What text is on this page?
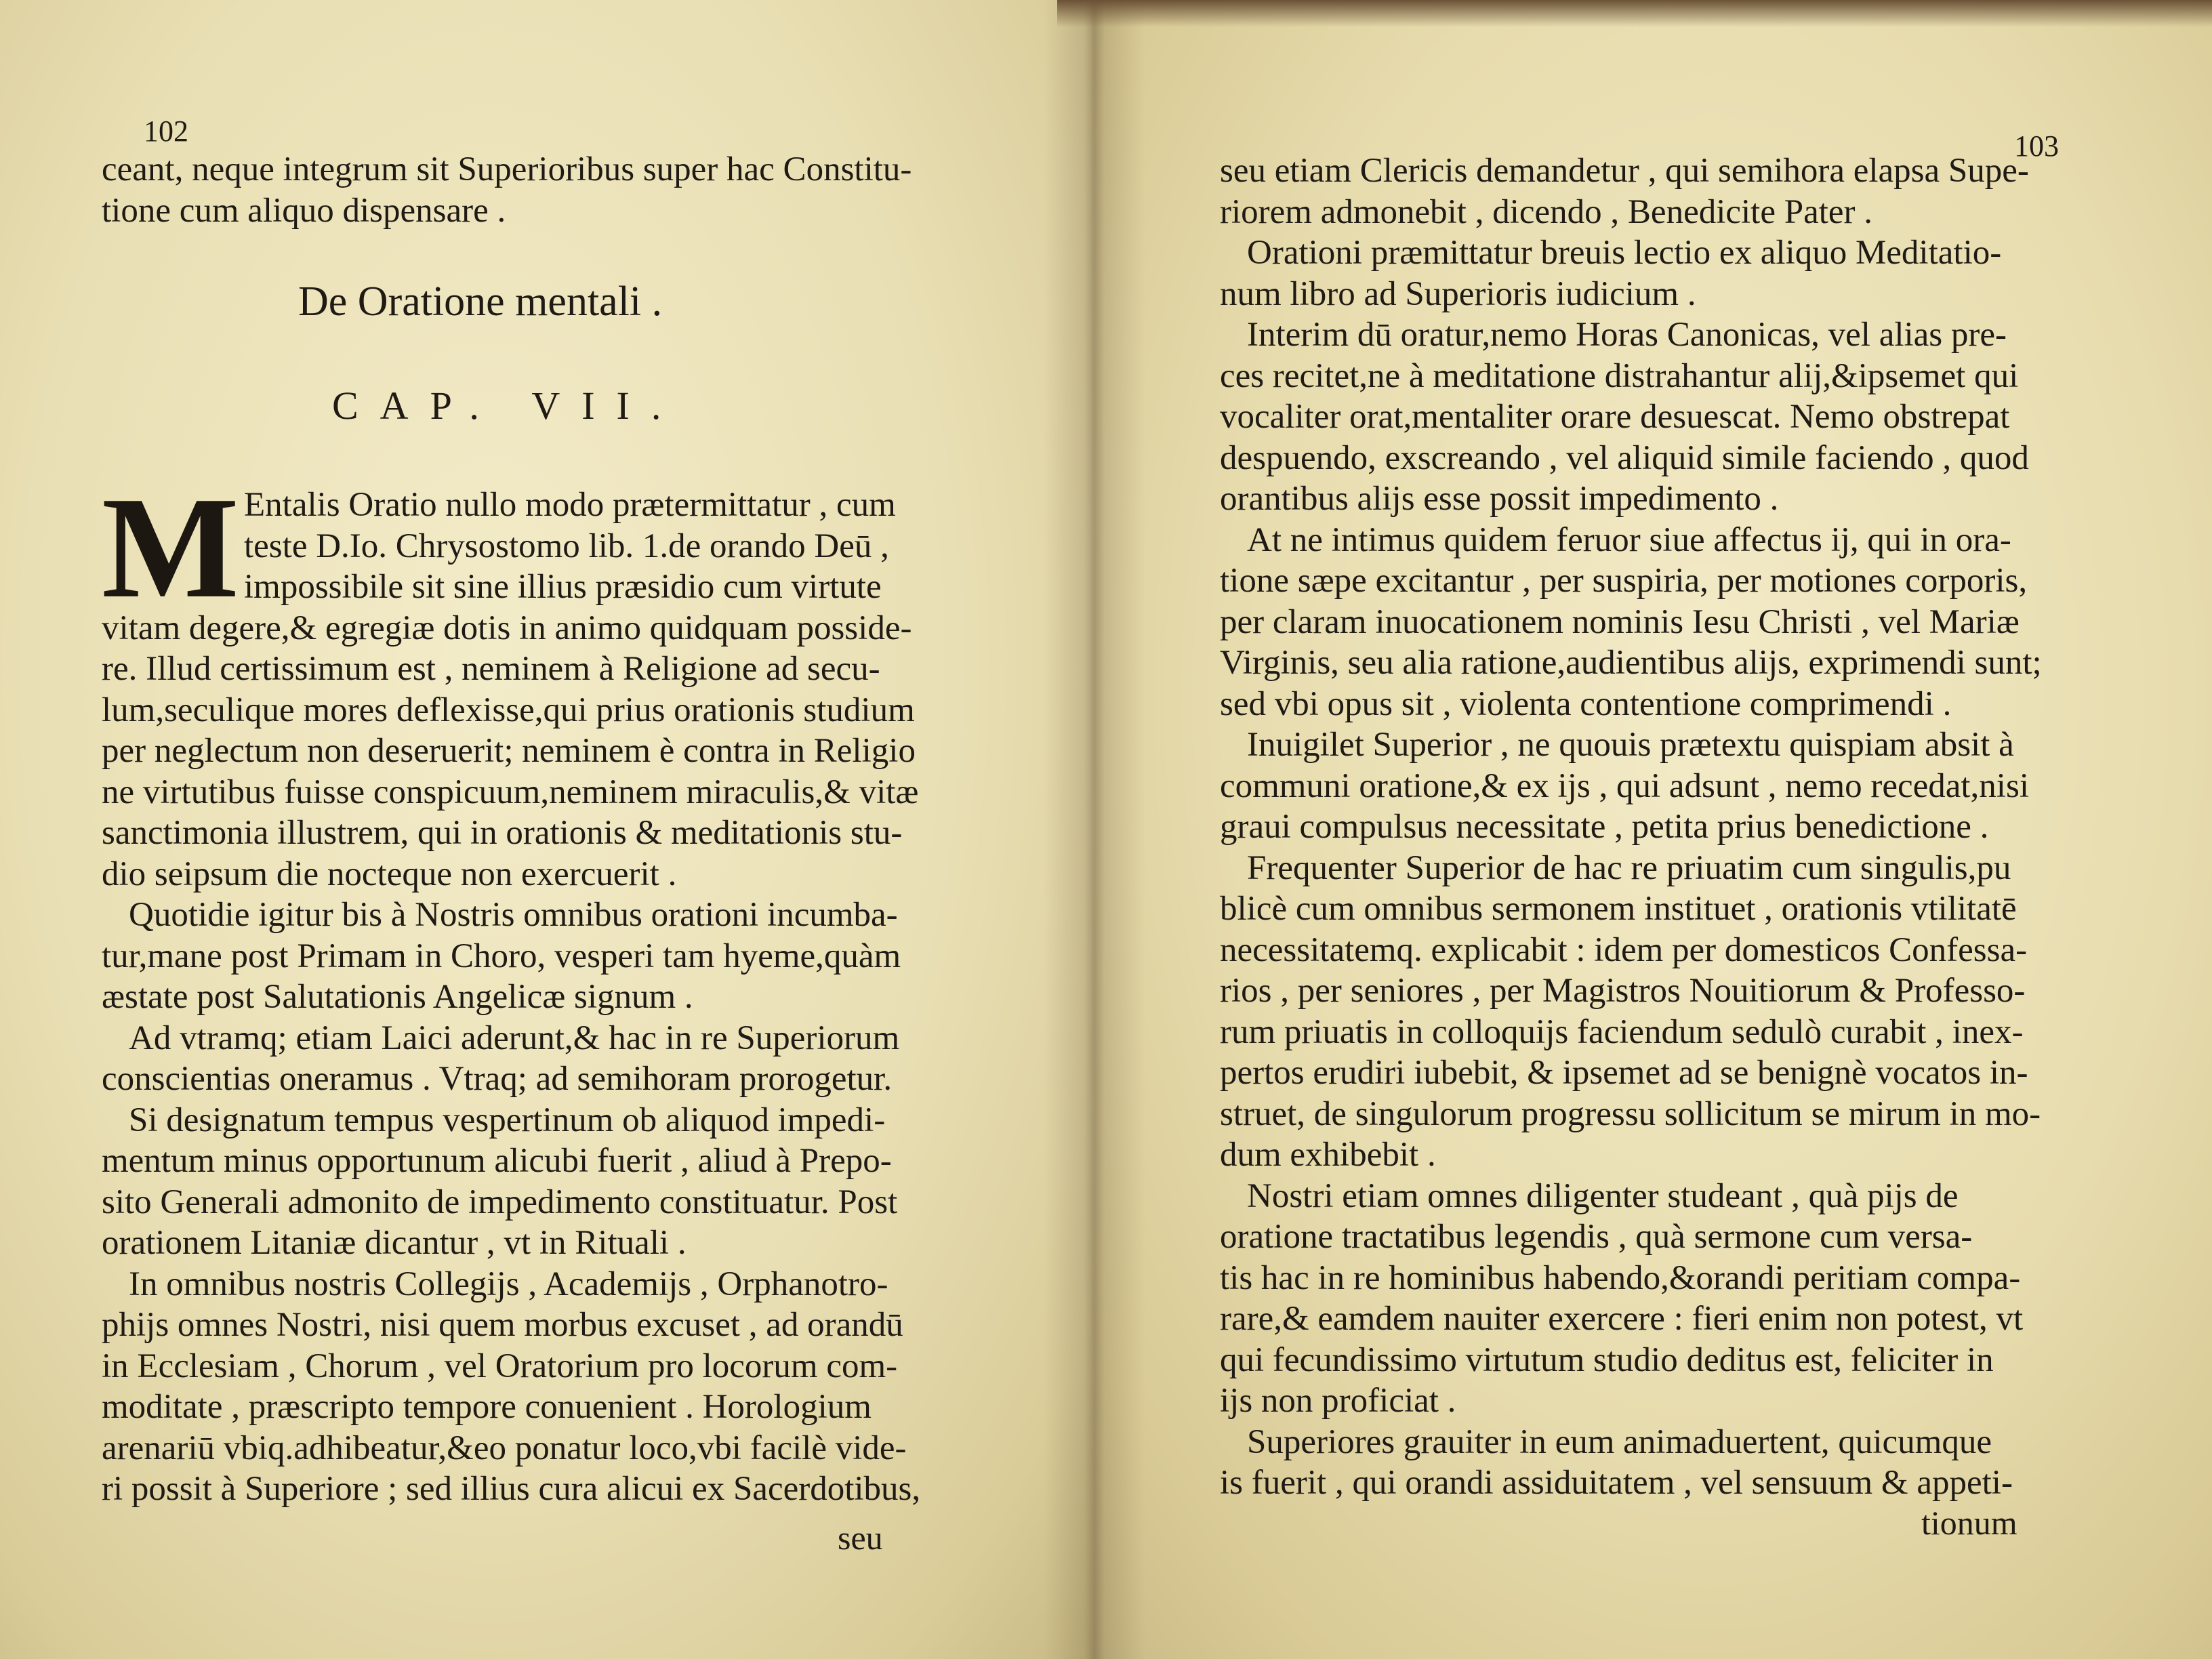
102
ceant, neque integrum sit Superioribus super hac Constitu-
tione cum aliquo dispensare .
De Oratione mentali .
CAP. VII.
M Entalis Oratio nullo modo prætermittatur , cum
teste D.Io. Chrysostomo lib. 1.de orando Deū ,
impossibile sit sine illius præsidio cum virtute
vitam degere,& egregiæ dotis in animo quidquam posside-
re. Illud certissimum est , neminem à Religione ad secu-
lum,seculique mores deflexisse,qui prius orationis studium
per neglectum non deseruerit; neminem è contra in Religio
ne virtutibus fuisse conspicuum,neminem miraculis,& vitæ
sanctimonia illustrem, qui in orationis & meditationis stu-
dio seipsum die nocteque non exercuerit .
Quotidie igitur bis à Nostris omnibus orationi incumba-
tur,mane post Primam in Choro, vesperi tam hyeme,quàm
æstate post Salutationis Angelicæ signum .
Ad vtramq; etiam Laici aderunt,& hac in re Superiorum
conscientias oneramus . Vtraq; ad semihoram prorogetur.
Si designatum tempus vespertinum ob aliquod impedi-
mentum minus opportunum alicubi fuerit , aliud à Prepo-
sito Generali admonito de impedimento constituatur. Post
orationem Litaniæ dicantur , vt in Rituali .
In omnibus nostris Collegijs , Academijs , Orphanotro-
phijs omnes Nostri, nisi quem morbus excuset , ad orandū
in Ecclesiam , Chorum , vel Oratorium pro locorum com-
moditate , præscripto tempore conuenient . Horologium
arenariū vbiq.adhibeatur,&eo ponatur loco,vbi facilè vide-
ri possit à Superiore ; sed illius cura alicui ex Sacerdotibus,
seu
103
seu etiam Clericis demandetur , qui semihora elapsa Supe-
riorem admonebit , dicendo , Benedicite Pater .
Orationi præmittatur breuis lectio ex aliquo Meditatio-
num libro ad Superioris iudicium .
Interim dū oratur,nemo Horas Canonicas, vel alias pre-
ces recitet,ne à meditatione distrahantur alij,&ipsemet qui
vocaliter orat,mentaliter orare desuescat. Nemo obstrepat
despuendo, exscreando , vel aliquid simile faciendo , quod
orantibus alijs esse possit impedimento .
At ne intimus quidem feruor siue affectus ij, qui in ora-
tione sæpe excitantur , per suspiria, per motiones corporis,
per claram inuocationem nominis Iesu Christi , vel Mariæ
Virginis, seu alia ratione,audientibus alijs, exprimendi sunt;
sed vbi opus sit , violenta contentione comprimendi .
Inuigilet Superior , ne quouis prætextu quispiam absit à
communi oratione,& ex ijs , qui adsunt , nemo recedat,nisi
graui compulsus necessitate , petita prius benedictione .
Frequenter Superior de hac re priuatim cum singulis,pu
blicè cum omnibus sermonem instituet , orationis vtilitatē
necessitatemq. explicabit : idem per domesticos Confessa-
rios , per seniores , per Magistros Nouitiorum & Professo-
rum priuatis in colloquijs faciendum sedulò curabit , inex-
pertos erudiri iubebit, & ipsemet ad se benignè vocatos in-
struet, de singulorum progressu sollicitum se mirum in mo-
dum exhibebit .
Nostri etiam omnes diligenter studeant , quà pijs de
oratione tractatibus legendis , quà sermone cum versa-
tis hac in re hominibus habendo,&orandi peritiam compa-
rare,& eamdem nauiter exercere : fieri enim non potest, vt
qui fecundissimo virtutum studio deditus est, feliciter in
ijs non proficiat .
Superiores grauiter in eum animaduertent, quicumque
is fuerit , qui orandi assiduitatem , vel sensuum & appeti-
tionum
